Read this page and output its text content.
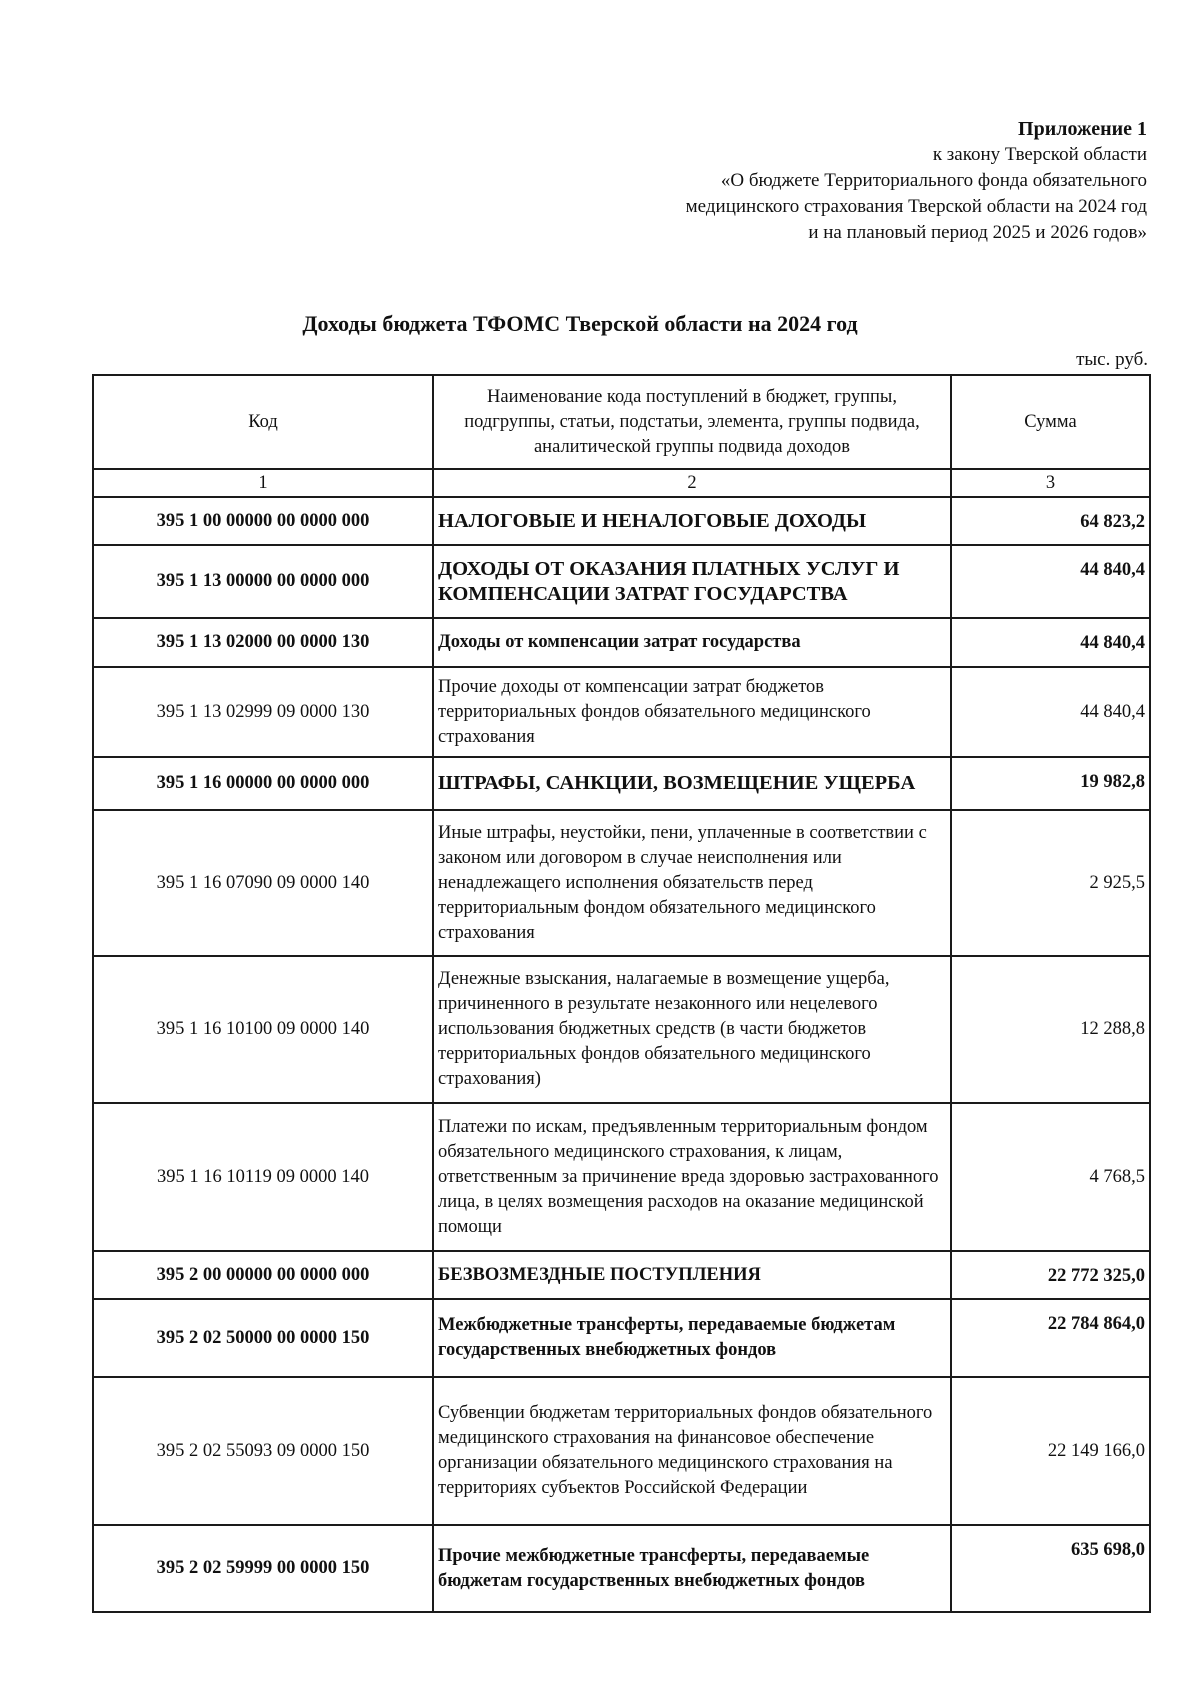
Приложение 1
к закону Тверской области
«О бюджете Территориального фонда обязательного
медицинского страхования Тверской области на 2024 год
и на плановый период 2025 и 2026 годов»
Доходы бюджета ТФОМС Тверской области на 2024 год
тыс. руб.
Код	Наименование кода поступлений в бюджет, группы, подгруппы, статьи, подстатьи, элемента, группы подвида, аналитической группы подвида доходов	Сумма
1	2	3
395 1 00 00000 00 0000 000	НАЛОГОВЫЕ И НЕНАЛОГОВЫЕ ДОХОДЫ	64 823,2
395 1 13 00000 00 0000 000	ДОХОДЫ ОТ ОКАЗАНИЯ ПЛАТНЫХ УСЛУГ И КОМПЕНСАЦИИ ЗАТРАТ ГОСУДАРСТВА	44 840,4
395 1 13 02000 00 0000 130	Доходы от компенсации затрат государства	44 840,4
395 1 13 02999 09 0000 130	Прочие доходы от компенсации затрат бюджетов территориальных фондов обязательного медицинского страхования	44 840,4
395 1 16 00000 00 0000 000	ШТРАФЫ, САНКЦИИ, ВОЗМЕЩЕНИЕ УЩЕРБА	19 982,8
395 1 16 07090 09 0000 140	Иные штрафы, неустойки, пени, уплаченные в соответствии с законом или договором в случае неисполнения или ненадлежащего исполнения обязательств перед территориальным фондом обязательного медицинского страхования	2 925,5
395 1 16 10100 09 0000 140	Денежные взыскания, налагаемые в возмещение ущерба, причиненного в результате незаконного или нецелевого использования бюджетных средств (в части бюджетов территориальных фондов обязательного медицинского страхования)	12 288,8
395 1 16 10119 09 0000 140	Платежи по искам, предъявленным территориальным фондом обязательного медицинского страхования, к лицам, ответственным за причинение вреда здоровью застрахованного лица, в целях возмещения расходов на оказание медицинской помощи	4 768,5
395 2 00 00000 00 0000 000	БЕЗВОЗМЕЗДНЫЕ ПОСТУПЛЕНИЯ	22 772 325,0
395 2 02 50000 00 0000 150	Межбюджетные трансферты, передаваемые бюджетам государственных внебюджетных фондов	22 784 864,0
395 2 02 55093 09 0000 150	Субвенции бюджетам территориальных фондов обязательного медицинского страхования на финансовое обеспечение организации обязательного медицинского страхования на территориях субъектов Российской Федерации	22 149 166,0
395 2 02 59999 00 0000 150	Прочие межбюджетные трансферты, передаваемые бюджетам государственных внебюджетных фондов	635 698,0
